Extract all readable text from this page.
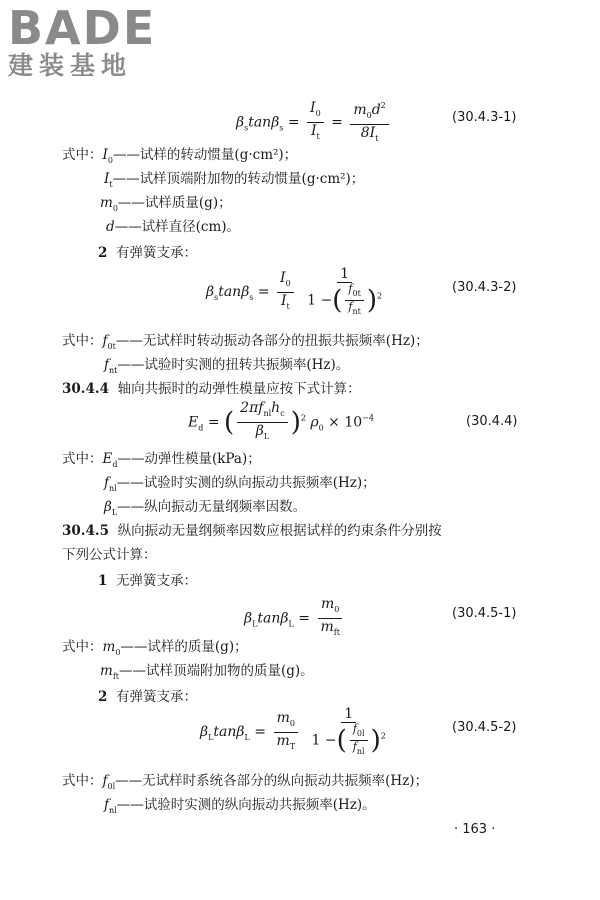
BADE
建装基地
$\beta_s\tan\beta_s = \frac{I_0}{I_t} = \frac{m_0d^2}{8I_t}$	(30.4.3-1)
式中：$I_0——$试样的转动惯量(g·cm²)；
$I_t——$试样顶端附加物的转动惯量(g·cm²)；
$m_0——$试样质量(g)；
d——试样直径(cm)。
2 有弹簧支承：
$\beta_s\tan\beta_s = \frac{I_0}{I_t}$
$\frac{1}{1 -( \frac{f_{0t}}{f_{nt}} )^2}$	(30.4.3-2)
式中：$f_{0t}——$无试样时转动振动各部分的扭振共振频率(Hz)；
$f_{nt}——$试验时实测的扭转共振频率(Hz)。
30.4.4 轴向共振时的动弹性模量应按下式计算：
$E_d$ = ( $\frac{2\pi f_{nl}h_c}{\beta_L} )^2$ $\rho_0 \times 10^{-4}$	(30.4.4)
式中：$E_d——$动弹性模量(kPa)；
$f_{nl}——$试验时实测的纵向振动共振频率(Hz)；
$\beta_L——$纵向振动无量纲频率因数。
30.4.5 纵向振动无量纲频率因数应根据试样的约束条件分别按
下列公式计算：
1 无弹簧支承：
$\beta_L\tan\beta_L = \frac{m_0}{m_{ft}}$	(30.4.5-1)
式中：$m_0——$试样的质量(g)；
$m_{ft}——$试样顶端附加物的质量(g)。
2 有弹簧支承：
$\beta_L\tan\beta_L = \frac{m_0}{m_T}$
$\frac{1}{1 -( \frac{f_{0l}}{f_{nl}} )^2}$	(30.4.5-2)
式中：$f_{0l}——$无试样时系统各部分的纵向振动共振频率(Hz)；
$f_{nl}——$试验时实测的纵向振动共振频率(Hz)。
· 163 ·
